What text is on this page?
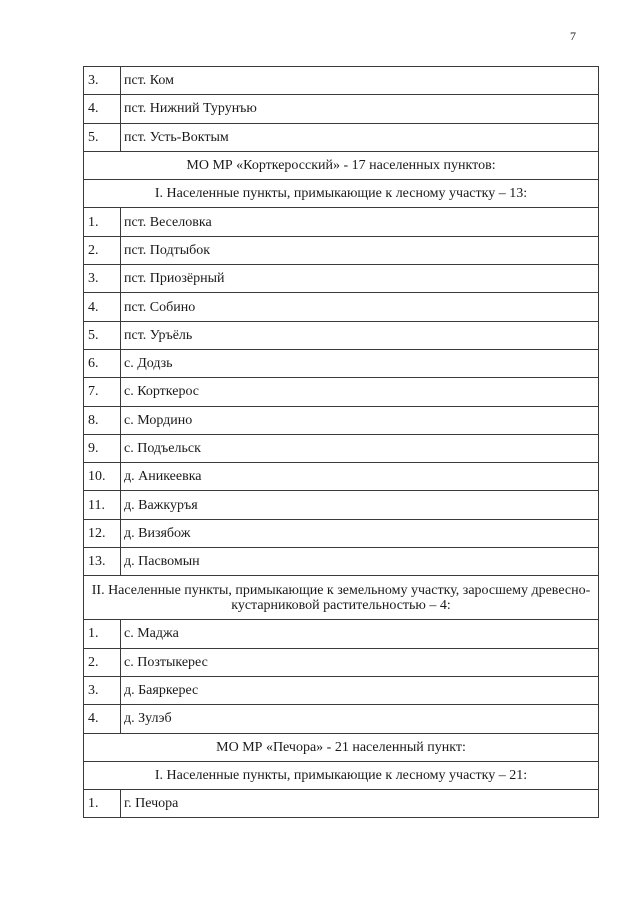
7
3.	пст. Ком
4.	пст. Нижний Турунъю
5.	пст. Усть-Воктым
МО МР «Корткеросский» - 17 населенных пунктов:	
I. Населенные пункты, примыкающие к лесному участку – 13:	
1.	пст. Веселовка
2.	пст. Подтыбок
3.	пст. Приозёрный
4.	пст. Собино
5.	пст. Уръёль
6.	с. Додзь
7.	с. Корткерос
8.	с. Мордино
9.	с. Подъельск
10.	д. Аникеевка
11.	д. Важкуръя
12.	д. Визябож
13.	д. Пасвомын
II. Населенные пункты, примыкающие к земельному участку, заросшему древесно-кустарниковой растительностью – 4:	
1.	с. Маджа
2.	с. Позтыкерес
3.	д. Баяркерес
4.	д. Зулэб
МО МР «Печора» - 21 населенный пункт:	
I. Населенные пункты, примыкающие к лесному участку – 21:	
1.	г. Печора
